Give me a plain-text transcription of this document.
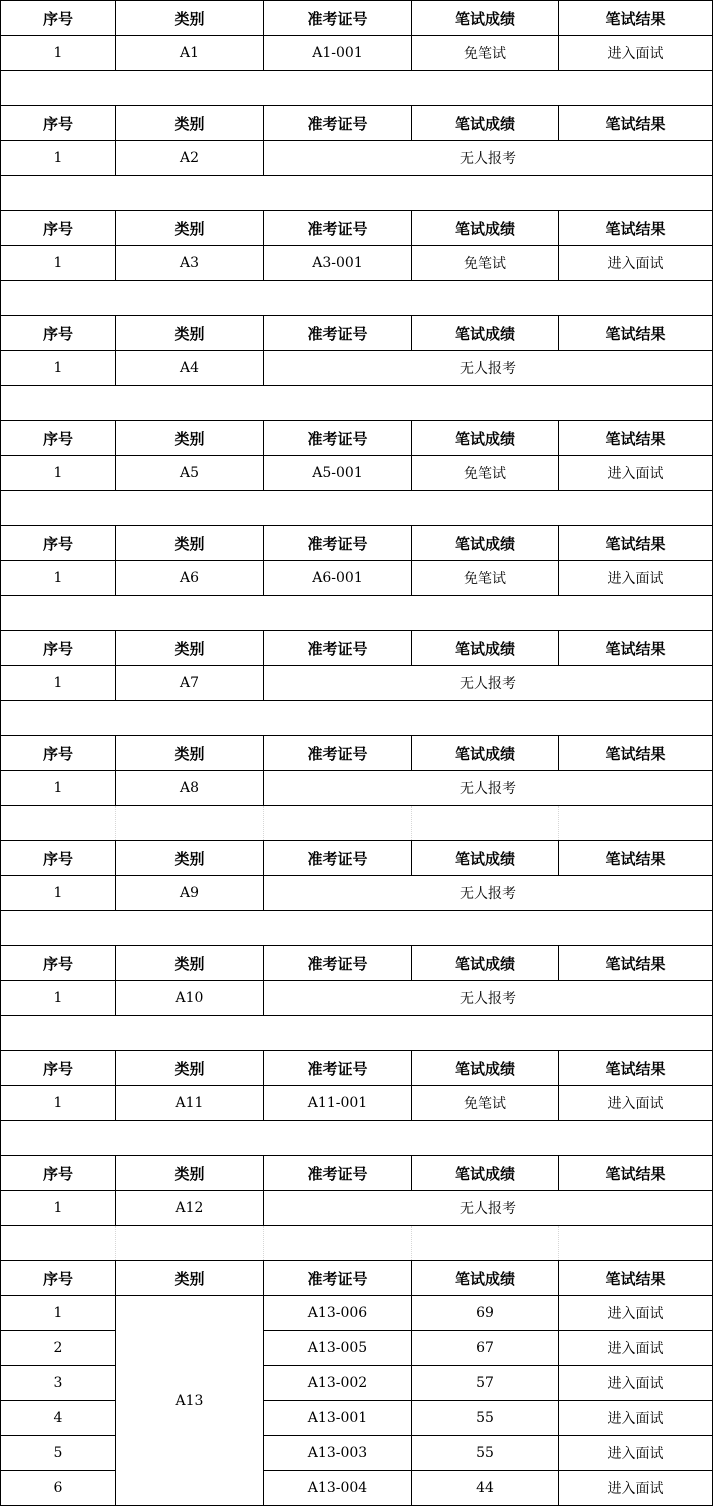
序号	类别	准考证号	笔试成绩	笔试结果
1	A1	A1-001	免笔试	进入面试

序号	类别	准考证号	笔试成绩	笔试结果
1	A2	无人报考		

序号	类别	准考证号	笔试成绩	笔试结果
1	A3	A3-001	免笔试	进入面试

序号	类别	准考证号	笔试成绩	笔试结果
1	A4	无人报考		

序号	类别	准考证号	笔试成绩	笔试结果
1	A5	A5-001	免笔试	进入面试

序号	类别	准考证号	笔试成绩	笔试结果
1	A6	A6-001	免笔试	进入面试

序号	类别	准考证号	笔试成绩	笔试结果
1	A7	无人报考		

序号	类别	准考证号	笔试成绩	笔试结果
1	A8	无人报考		

序号	类别	准考证号	笔试成绩	笔试结果
1	A9	无人报考		

序号	类别	准考证号	笔试成绩	笔试结果
1	A10	无人报考		

序号	类别	准考证号	笔试成绩	笔试结果
1	A11	A11-001	免笔试	进入面试

序号	类别	准考证号	笔试成绩	笔试结果
1	A12	无人报考		

序号	类别	准考证号	笔试成绩	笔试结果
1	A13	A13-006	69	进入面试
2		A13-005	67	进入面试
3		A13-002	57	进入面试
4		A13-001	55	进入面试
5		A13-003	55	进入面试
6		A13-004	44	进入面试
